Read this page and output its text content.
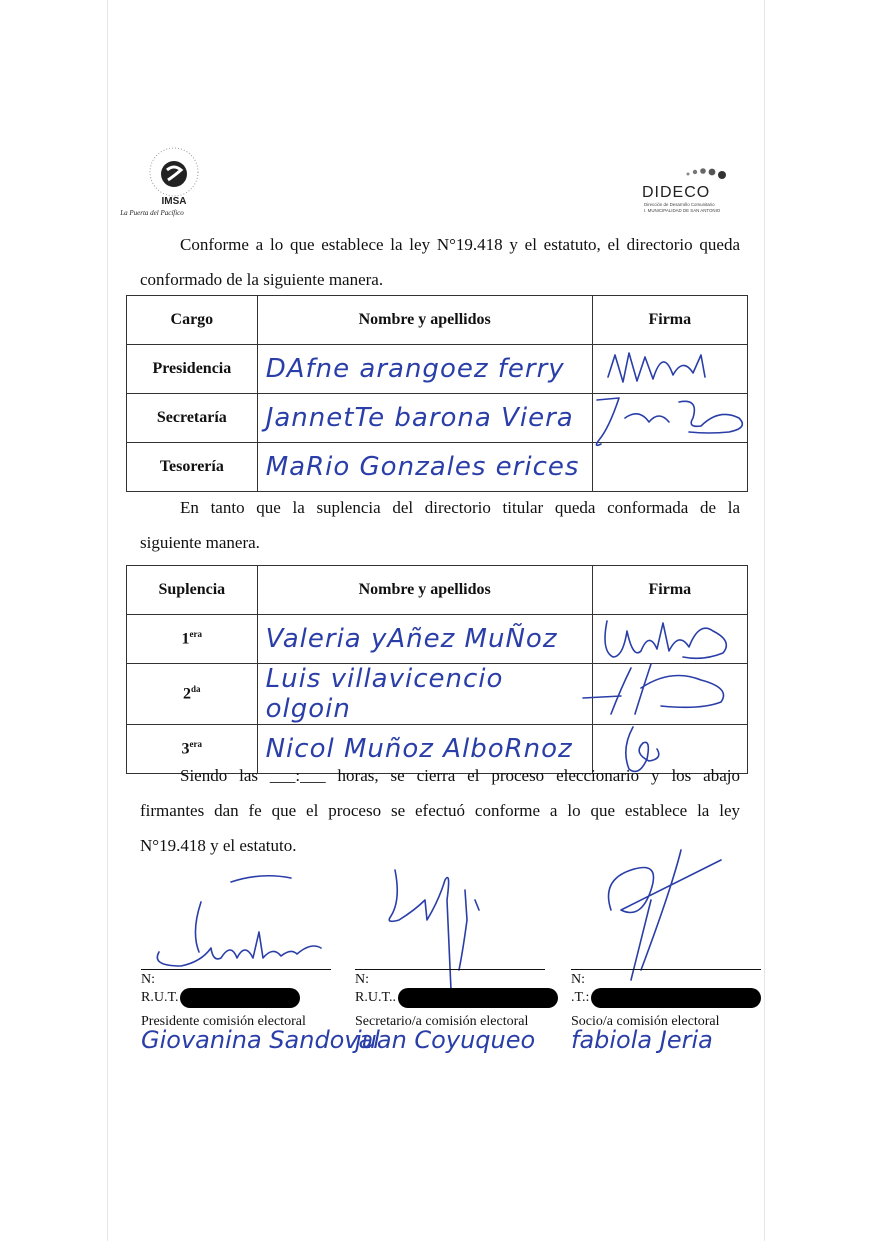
IMSA
La Puerta del Pacífico
DIDECO
Dirección de Desarrollo Comunitario
I. MUNICIPALIDAD DE SAN ANTONIO

Conforme a lo que establece la ley N°19.418 y el estatuto, el directorio queda
conformado de la siguiente manera.

Cargo	Nombre y apellidos	Firma
Presidencia	DAfne arangoez ferry	

Secretaría	JannetTe barona Viera	

Tesorería	MaRio Gonzales erices	

En tanto que la suplencia del directorio titular queda conformada de la
siguiente manera.

Suplencia	Nombre y apellidos	Firma
$1^{era}$	Valeria yAñez MuÑoz	

$2^{da}$	Luis villavicencio olgoin	

$3^{era}$	Nicol Muñoz AlboRnoz	

Siendo las ___:___ horas, se cierra el proceso eleccionario y los abajo
firmantes dan fe que el proceso se efectuó conforme a lo que establece la ley
N°19.418 y el estatuto.

N:
R.U.T.
Presidente comisión electoral
Giovanina Sandoval
N:
R.U.T..
Secretario/a comisión electoral
juan Coyuqueo
N:
.T.:
Socio/a comisión electoral
fabiola Jeria
